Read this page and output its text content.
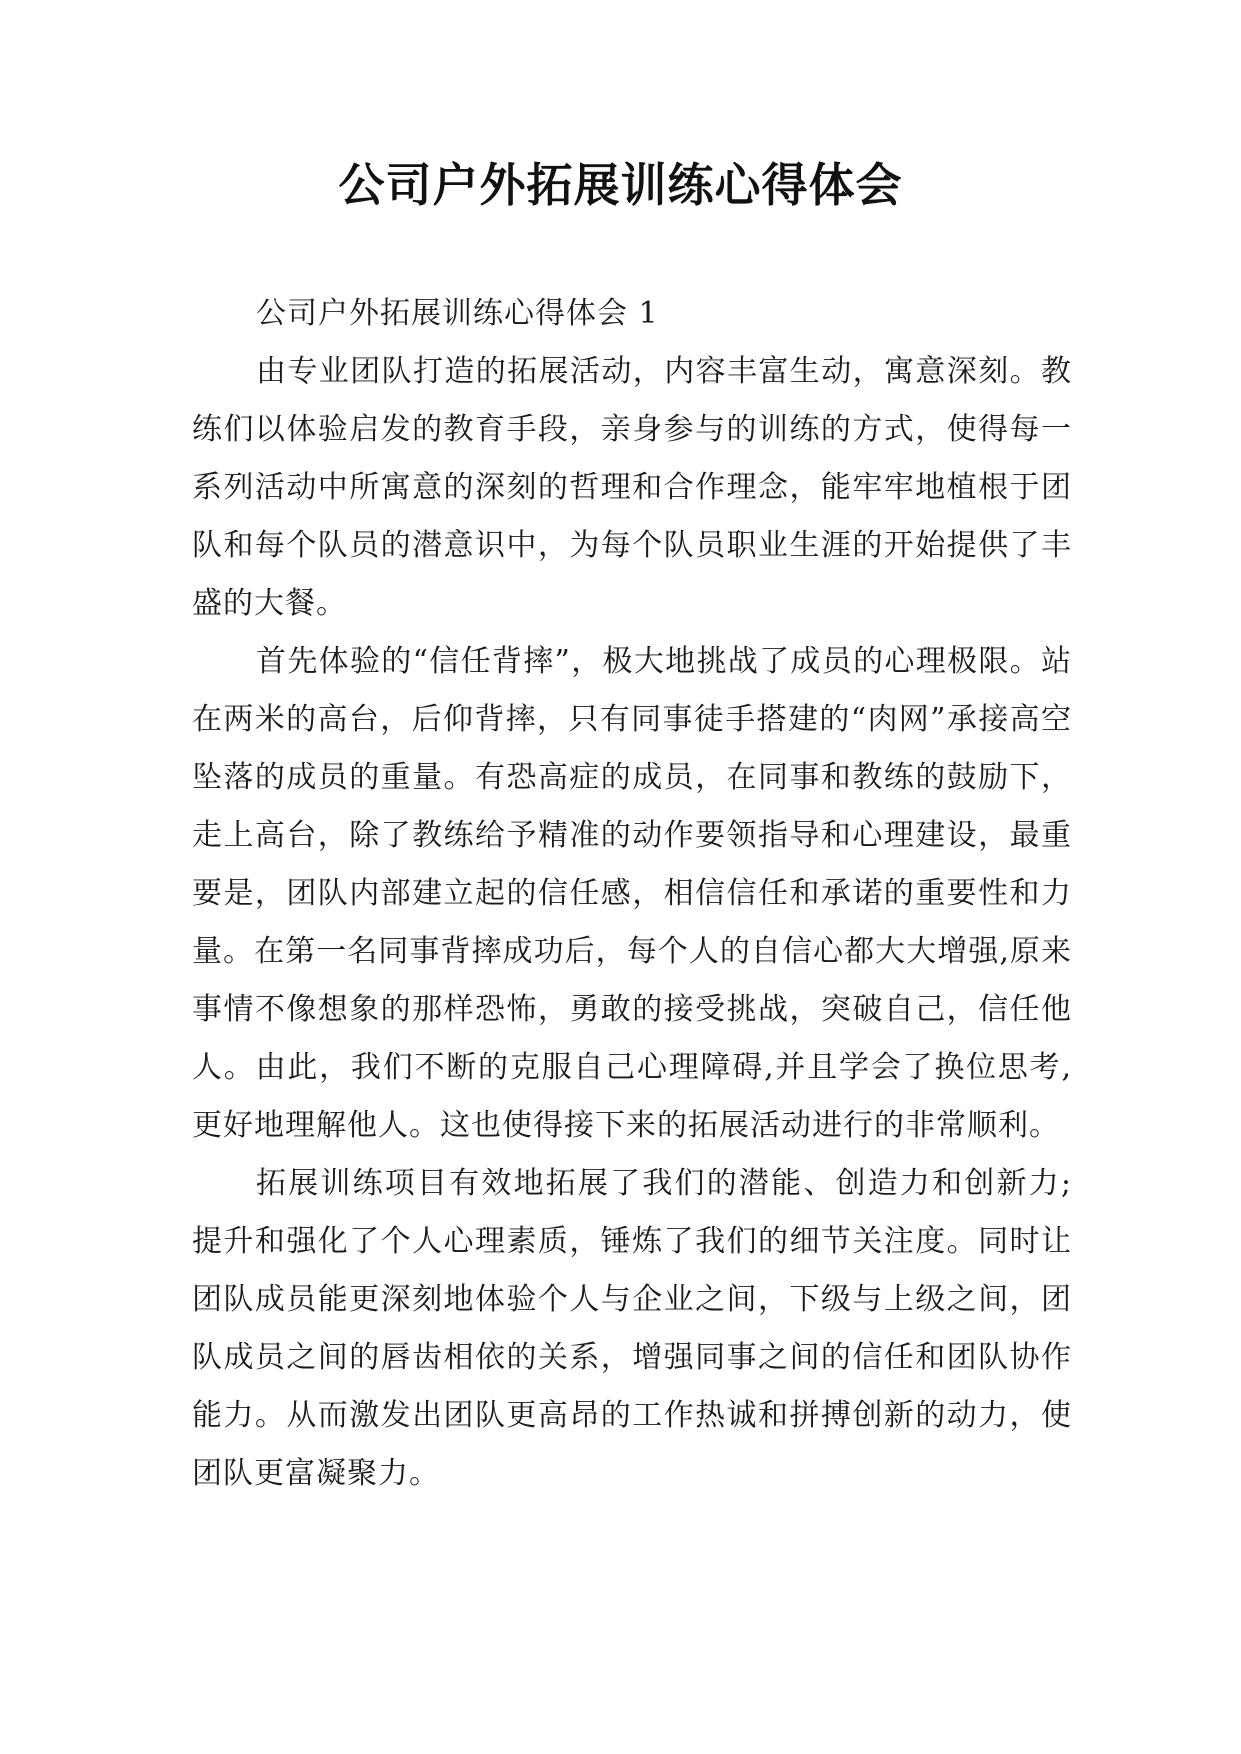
公司户外拓展训练心得体会

公司户外拓展训练心得体会 1

由专业团队打造的拓展活动，内容丰富生动，寓意深刻。教练们以体验启发的教育手段，亲身参与的训练的方式，使得每一系列活动中所寓意的深刻的哲理和合作理念，能牢牢地植根于团队和每个队员的潜意识中，为每个队员职业生涯的开始提供了丰盛的大餐。

首先体验的“信任背摔”，极大地挑战了成员的心理极限。站在两米的高台，后仰背摔，只有同事徒手搭建的“肉网”承接高空坠落的成员的重量。有恐高症的成员，在同事和教练的鼓励下，走上高台，除了教练给予精准的动作要领指导和心理建设，最重要是，团队内部建立起的信任感，相信信任和承诺的重要性和力量。在第一名同事背摔成功后，每个人的自信心都大大增强,原来事情不像想象的那样恐怖，勇敢的接受挑战，突破自己，信任他人。由此，我们不断的克服自己心理障碍,并且学会了换位思考,更好地理解他人。这也使得接下来的拓展活动进行的非常顺利。

拓展训练项目有效地拓展了我们的潜能、创造力和创新力;提升和强化了个人心理素质，锤炼了我们的细节关注度。同时让团队成员能更深刻地体验个人与企业之间，下级与上级之间，团队成员之间的唇齿相依的关系，增强同事之间的信任和团队协作能力。从而激发出团队更高昂的工作热诚和拼搏创新的动力，使团队更富凝聚力。
